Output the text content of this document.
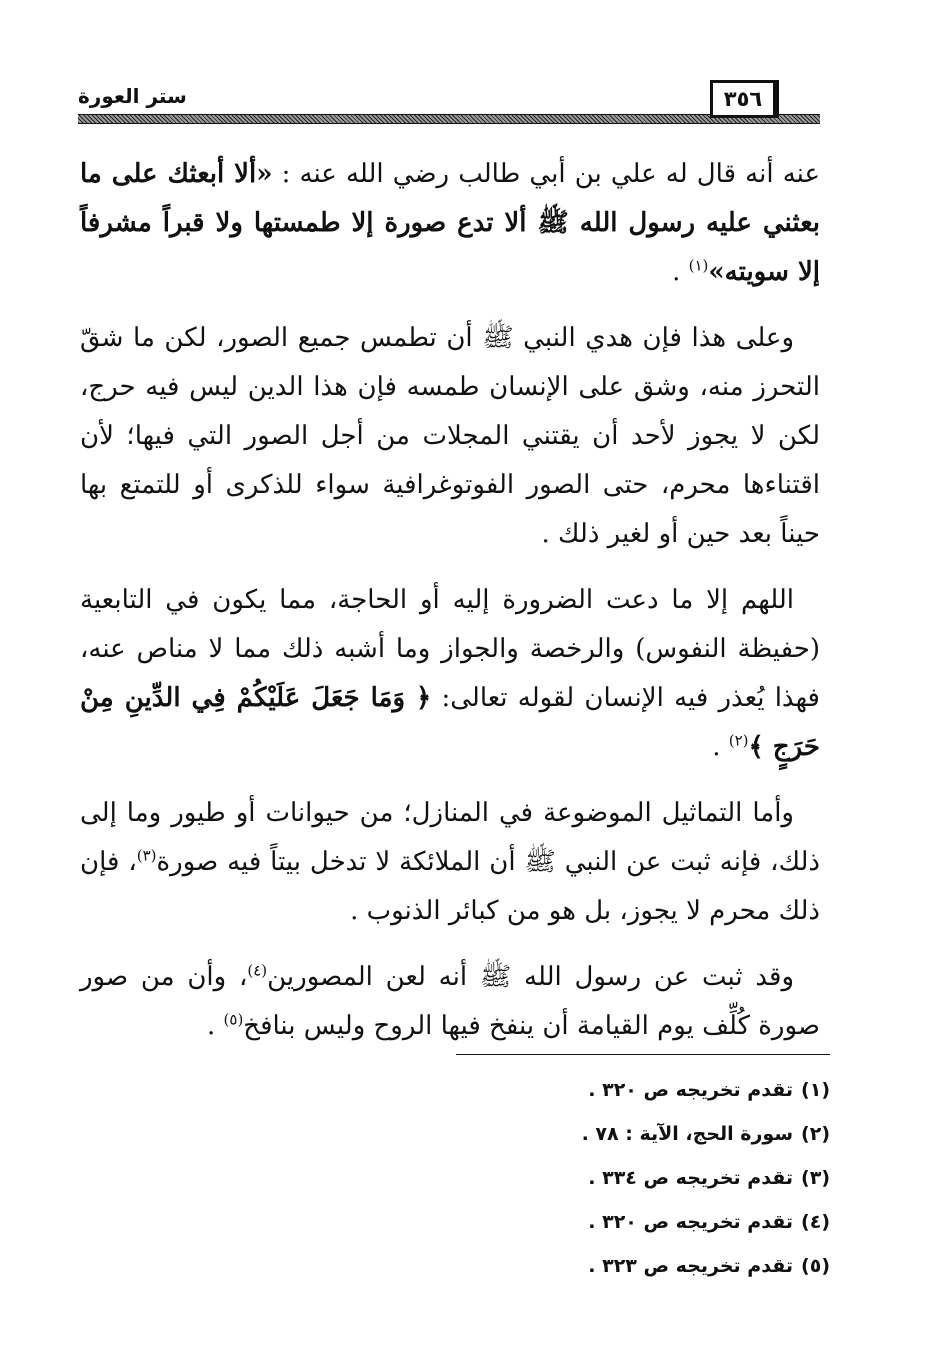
ستر العورة	٣٥٦

عنه أنه قال له علي بن أبي طالب رضي الله عنه : «ألا أبعثك على ما بعثني عليه رسول الله ﷺ ألا تدع صورة إلا طمستها ولا قبراً مشرفاً إلا سويته»$^{(١)}$ .

وعلى هذا فإن هدي النبي ﷺ أن تطمس جميع الصور، لكن ما شقّ التحرز منه، وشق على الإنسان طمسه فإن هذا الدين ليس فيه حرج، لكن لا يجوز لأحد أن يقتني المجلات من أجل الصور التي فيها؛ لأن اقتناءها محرم، حتى الصور الفوتوغرافية سواء للذكرى أو للتمتع بها حيناً بعد حين أو لغير ذلك .

اللهم إلا ما دعت الضرورة إليه أو الحاجة، مما يكون في التابعية (حفيظة النفوس) والرخصة والجواز وما أشبه ذلك مما لا مناص عنه، فهذا يُعذر فيه الإنسان لقوله تعالى: ﴿ وَمَا جَعَلَ عَلَيْكُمْ فِي الدِّينِ مِنْ حَرَجٍ ﴾$^{(٢)}$ .

وأما التماثيل الموضوعة في المنازل؛ من حيوانات أو طيور وما إلى ذلك، فإنه ثبت عن النبي ﷺ أن الملائكة لا تدخل بيتاً فيه صورة$^{(٣)}$، فإن ذلك محرم لا يجوز، بل هو من كبائر الذنوب .

وقد ثبت عن رسول الله ﷺ أنه لعن المصورين$^{(٤)}$، وأن من صور صورة كُلِّف يوم القيامة أن ينفخ فيها الروح وليس بنافخ$^{(٥)}$ .

(١)تقدم تخريجه ص ٣٢٠ .
(٢)سورة الحج، الآية : ٧٨ .
(٣)تقدم تخريجه ص ٣٣٤ .
(٤)تقدم تخريجه ص ٣٢٠ .
(٥)تقدم تخريجه ص ٣٢٣ .
